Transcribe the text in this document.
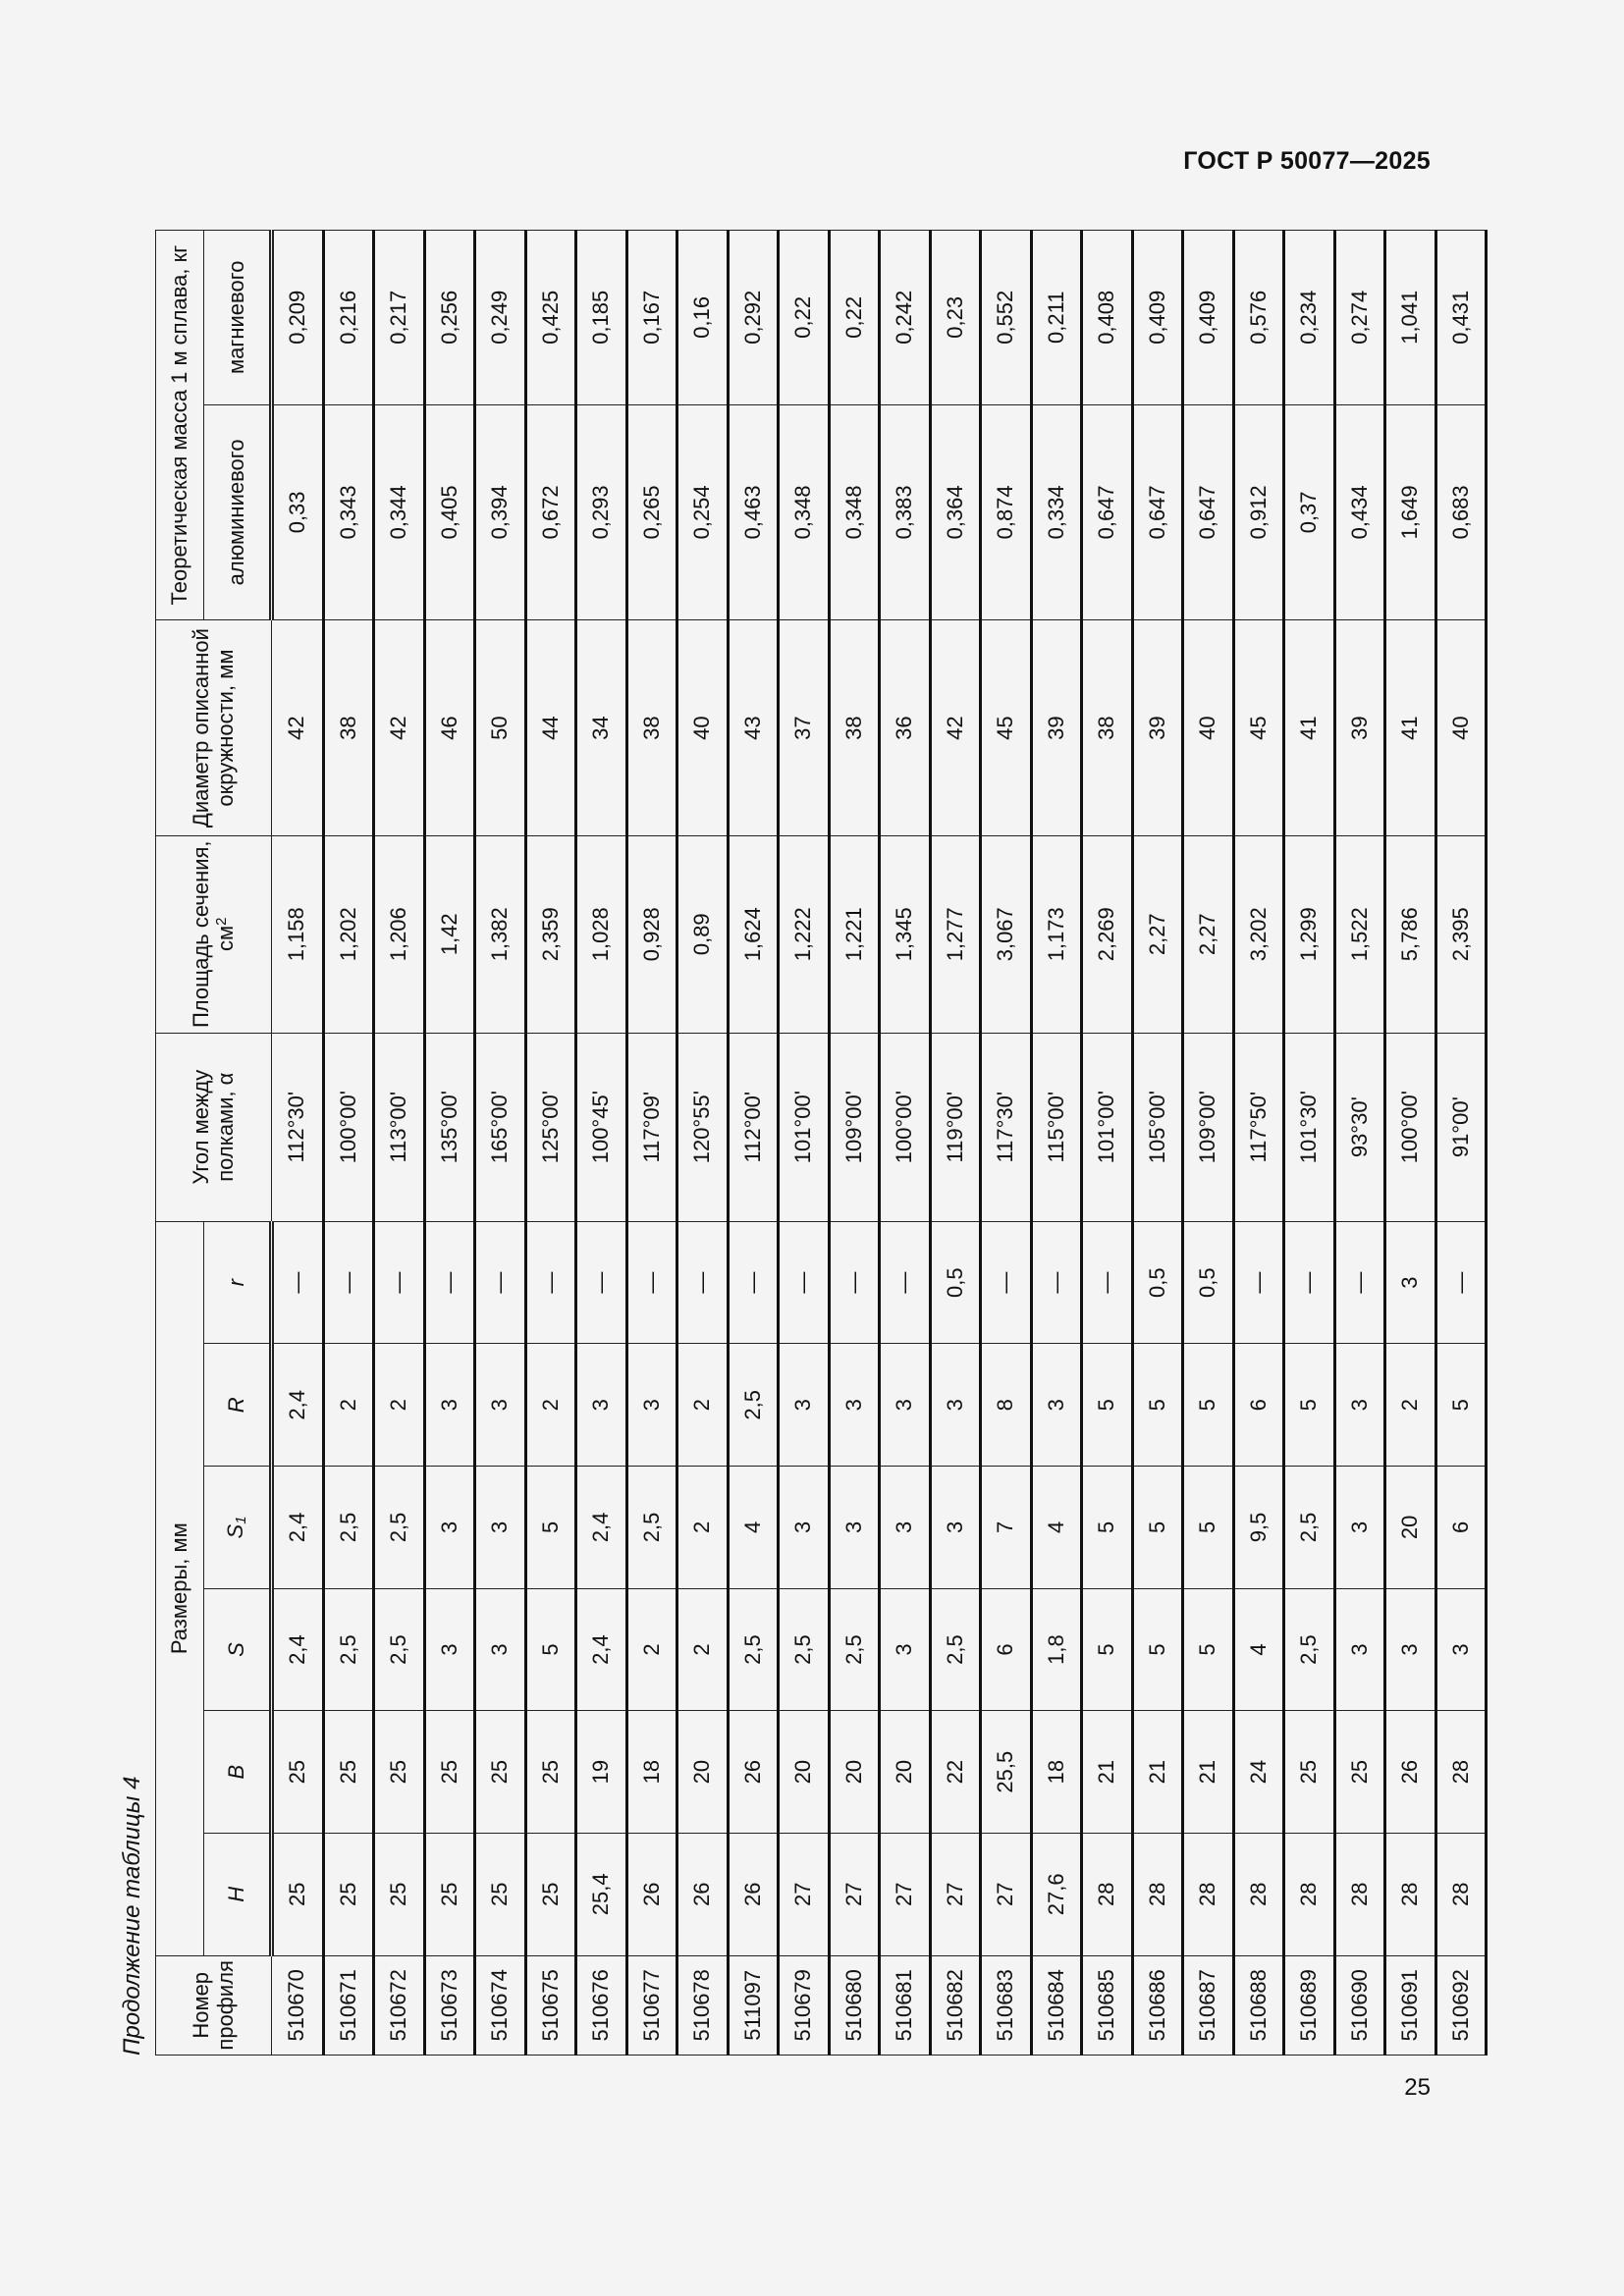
ГОСТ Р 50077—2025
Продолжение таблицы 4	Номер профиля	Размеры, мм						Угол между полками, α	Площадь сечения, $см^2$	Диаметр описанной окружности, мм	Теоретическая масса 1 м сплава, кг	
	H	B	S	$S_1$	R	r				алюминиевого	магниевого
510670	25	25	2,4	2,4	2,4	—	112°30'	1,158	42	0,33	0,209
510671	25	25	2,5	2,5	2	—	100°00'	1,202	38	0,343	0,216
510672	25	25	2,5	2,5	2	—	113°00'	1,206	42	0,344	0,217
510673	25	25	3	3	3	—	135°00'	1,42	46	0,405	0,256
510674	25	25	3	3	3	—	165°00'	1,382	50	0,394	0,249
510675	25	25	5	5	2	—	125°00'	2,359	44	0,672	0,425
510676	25,4	19	2,4	2,4	3	—	100°45'	1,028	34	0,293	0,185
510677	26	18	2	2,5	3	—	117°09'	0,928	38	0,265	0,167
510678	26	20	2	2	2	—	120°55'	0,89	40	0,254	0,16
511097	26	26	2,5	4	2,5	—	112°00'	1,624	43	0,463	0,292
510679	27	20	2,5	3	3	—	101°00'	1,222	37	0,348	0,22
510680	27	20	2,5	3	3	—	109°00'	1,221	38	0,348	0,22
510681	27	20	3	3	3	—	100°00'	1,345	36	0,383	0,242
510682	27	22	2,5	3	3	0,5	119°00'	1,277	42	0,364	0,23
510683	27	25,5	6	7	8	—	117°30'	3,067	45	0,874	0,552
510684	27,6	18	1,8	4	3	—	115°00'	1,173	39	0,334	0,211
510685	28	21	5	5	5	—	101°00'	2,269	38	0,647	0,408
510686	28	21	5	5	5	0,5	105°00'	2,27	39	0,647	0,409
510687	28	21	5	5	5	0,5	109°00'	2,27	40	0,647	0,409
510688	28	24	4	9,5	6	—	117°50'	3,202	45	0,912	0,576
510689	28	25	2,5	2,5	5	—	101°30'	1,299	41	0,37	0,234
510690	28	25	3	3	3	—	93°30'	1,522	39	0,434	0,274
510691	28	26	3	20	2	3	100°00'	5,786	41	1,649	1,041
510692	28	28	3	6	5	—	91°00'	2,395	40	0,683	0,431
25
